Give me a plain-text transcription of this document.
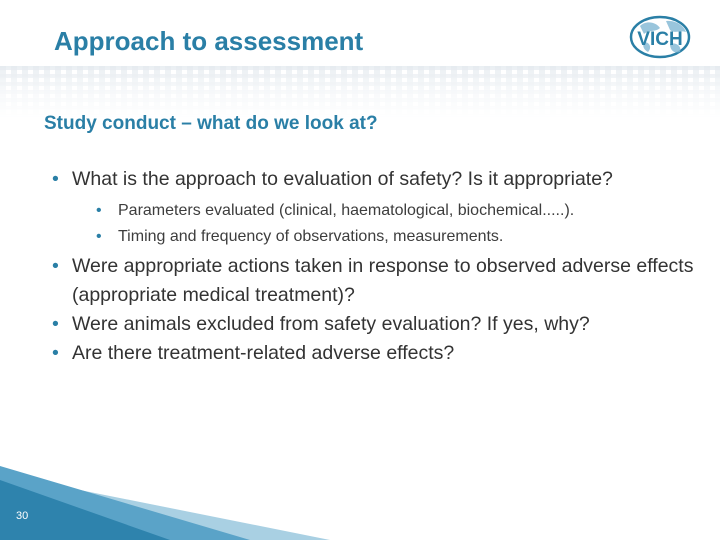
Approach to assessment	VICH
Study conduct – what do we look at?
• What is the approach to evaluation of safety? Is it appropriate?
• Parameters evaluated (clinical, haematological, biochemical.....).
• Timing and frequency of observations, measurements.
• Were appropriate actions taken in response to observed adverse effects (appropriate medical treatment)?
• Were animals excluded from safety evaluation? If yes, why?
• Are there treatment-related adverse effects?
30
